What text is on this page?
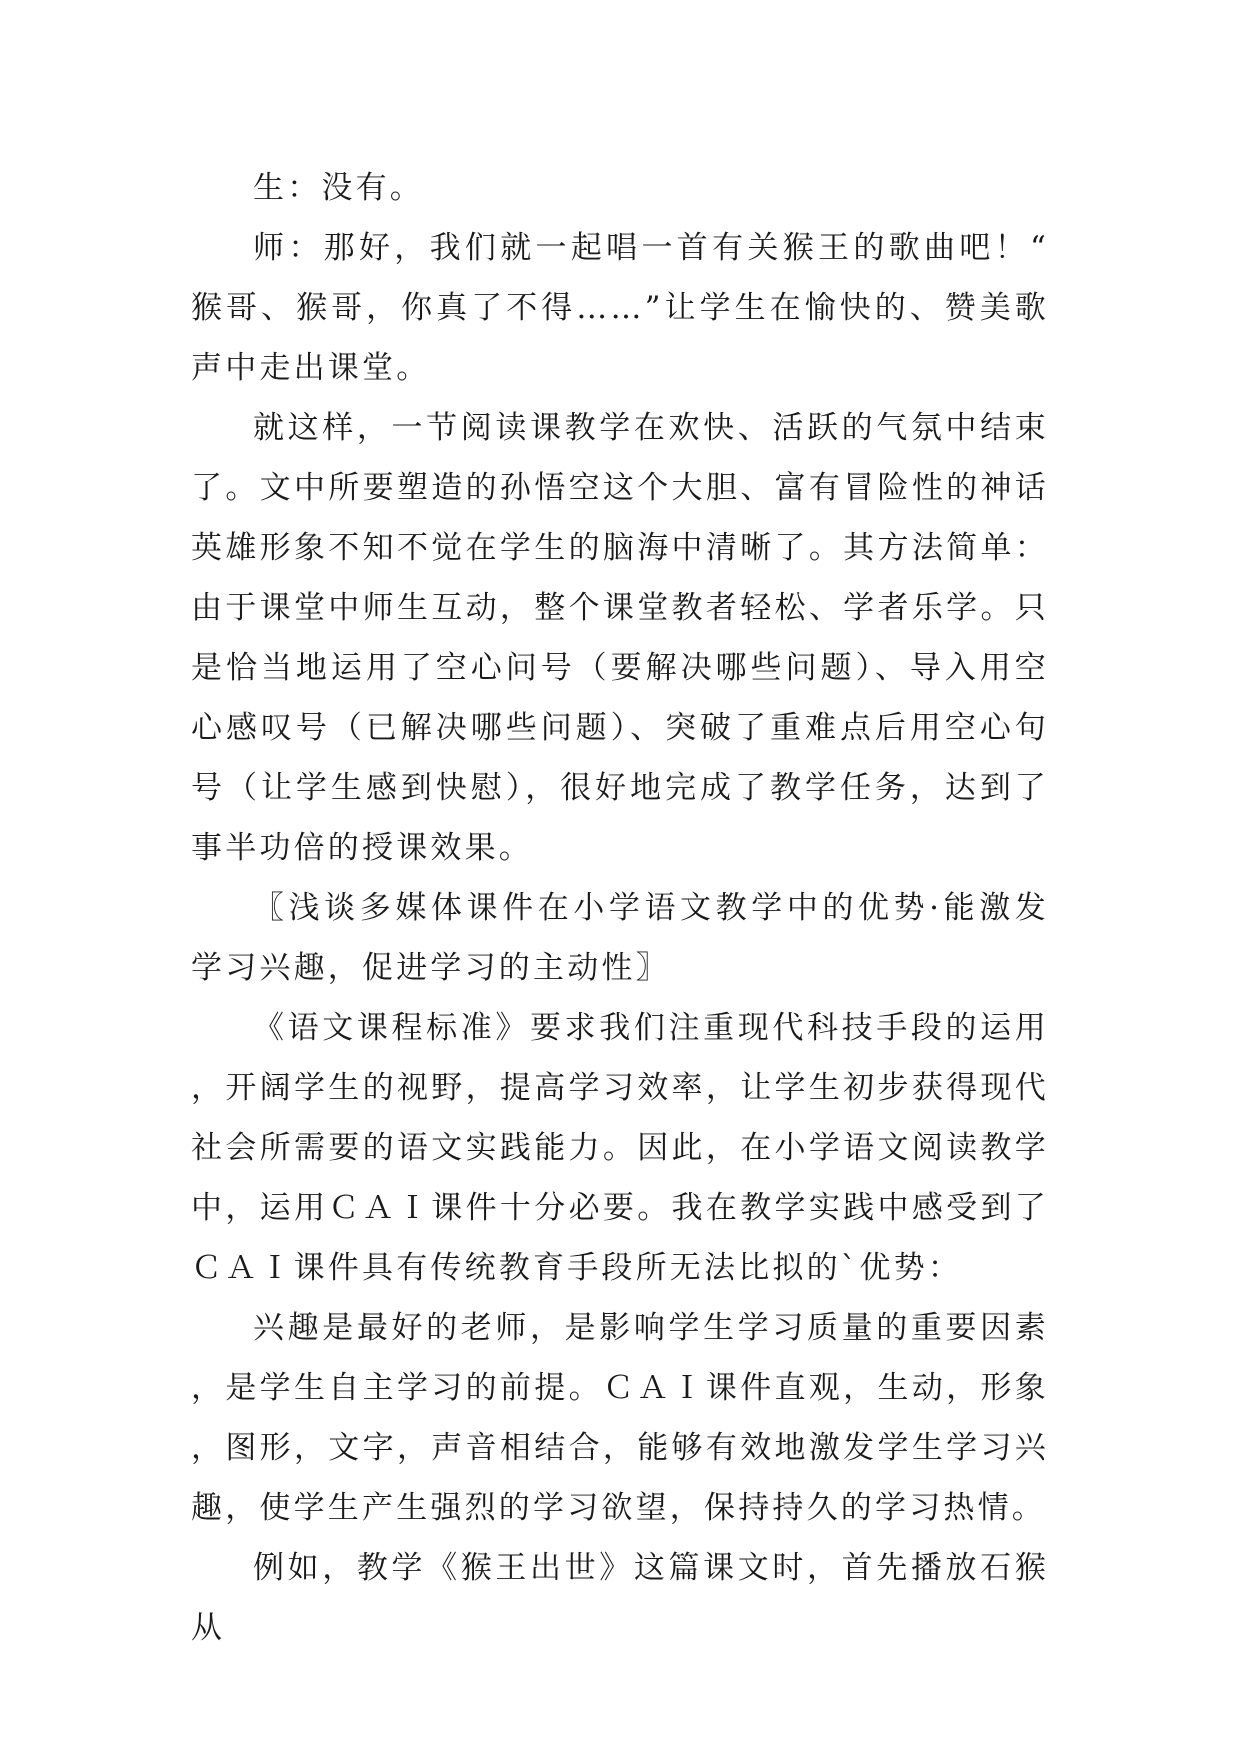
生：没有。

师：那好，我们就一起唱一首有关猴王的歌曲吧！“猴哥、猴哥，你真了不得……”让学生在愉快的、赞美歌声中走出课堂。

就这样，一节阅读课教学在欢快、活跃的气氛中结束了。文中所要塑造的孙悟空这个大胆、富有冒险性的神话英雄形象不知不觉在学生的脑海中清晰了。其方法简单：由于课堂中师生互动，整个课堂教者轻松、学者乐学。只是恰当地运用了空心问号（要解决哪些问题）、导入用空心感叹号（已解决哪些问题）、突破了重难点后用空心句号（让学生感到快慰），很好地完成了教学任务，达到了事半功倍的授课效果。

〖浅谈多媒体课件在小学语文教学中的优势·能激发学习兴趣，促进学习的主动性〗

《语文课程标准》要求我们注重现代科技手段的运用，开阔学生的视野，提高学习效率，让学生初步获得现代社会所需要的语文实践能力。因此，在小学语文阅读教学中，运用ＣＡＩ课件十分必要。我在教学实践中感受到了ＣＡＩ课件具有传统教育手段所无法比拟的`优势：

兴趣是最好的老师，是影响学生学习质量的重要因素，是学生自主学习的前提。ＣＡＩ课件直观，生动，形象，图形，文字，声音相结合，能够有效地激发学生学习兴趣，使学生产生强烈的学习欲望，保持持久的学习热情。

例如，教学《猴王出世》这篇课文时，首先播放石猴从
